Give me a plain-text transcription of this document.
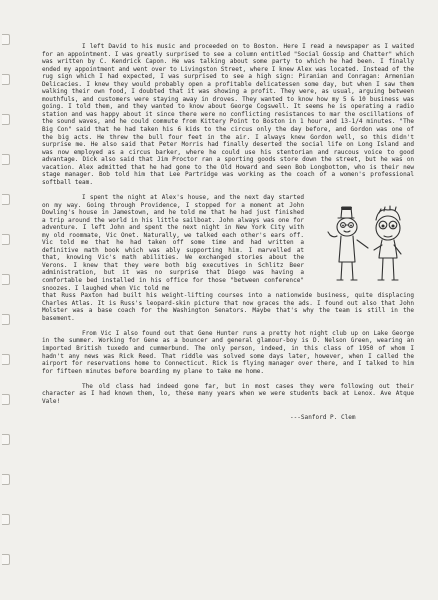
I left David to his music and proceeded on to Boston. Here I read a newspaper as I waited for an appointment. I was greatly surprised to see a column entitled "Social Gossip and Chatter" which was written by C. Kendrick Capon. He was talking about some party to which he had been. I finally ended my appointment and went over to Livingston Street, where I knew Alex was located. Instead of the rug sign which I had expected, I was surprised to see a high sign: Piranian and Conragan: Armenian Delicacies. I knew they would probably open a profitable delicatessen some day, but when I saw them walking their own food, I doubted that it was showing a profit. They were, as usual, arguing between mouthfuls, and customers were staying away in droves. They wanted to know how my 5 & 10 business was going. I told them, and they wanted to know about George Cogswell. It seems he is operating a radio station and was happy about it since there were no conflicting resistances to mar the oscillations of the sound waves, and he could commute from Kittery Point to Boston in 1 hour and 13-1/4 minutes. "The Big Con" said that he had taken his 6 kids to the circus only the day before, and Gordon was one of the big acts. He threw the bull four feet in the air. I always knew Gordon well, so this didn't surprise me. He also said that Peter Morris had finally deserted the social life on Long Island and was now employed as a circus barker, where he could use his stentorian and raucous voice to good advantage. Dick also said that Jim Proctor ran a sporting goods store down the street, but he was on vacation. Alex admitted that he had gone to the Old Howard and seen Bob Longbottom, who is their new stage manager. Bob told him that Lee Partridge was working as the coach of a women's professional softball team.

I spent the night at Alex's house, and the next day started on my way. Going through Providence, I stopped for a moment at John Dowling's house in Jamestown, and he told me that he had just finished a trip around the world in his little sailboat. John always was one for adventure. I left John and spent the next night in New York City with my old roommate, Vic Onet. Naturally, we talked each other's ears off. Vic told me that he had taken off some time and had written a definitive math book which was ably supporting him. I marvelled at that, knowing Vic's math abilities. We exchanged stories about the Verons. I knew that they were both big executives in Schlitz Beer administration, but it was no surprise that Diego was having a comfortable bed installed in his office for those "between conference" snoozes. I laughed when Vic told me

that Russ Paxton had built his weight-lifting courses into a nationwide business, quite displacing Charles Atlas. It is Russ's leopard-skin picture that now graces the ads. I found out also that John Molster was a base coach for the Washington Senators. Maybe that's why the team is still in the basement.

From Vic I also found out that Gene Hunter runs a pretty hot night club up on Lake George in the summer. Working for Gene as a bouncer and general glamour-boy is D. Nelson Green, wearing an imported British tuxedo and cummerbund. The only person, indeed, in this class of 1950 of whom I hadn't any news was Rick Reed. That riddle was solved some days later, however, when I called the airport for reservations home to Connecticut. Rick is flying manager over there, and I talked to him for fifteen minutes before boarding my plane to take me home.

The old class had indeed gone far, but in most cases they were following out their character as I had known them, lo, these many years when we were students back at Lenox. Ave Atque Vale!

---Sanford P. Clem
